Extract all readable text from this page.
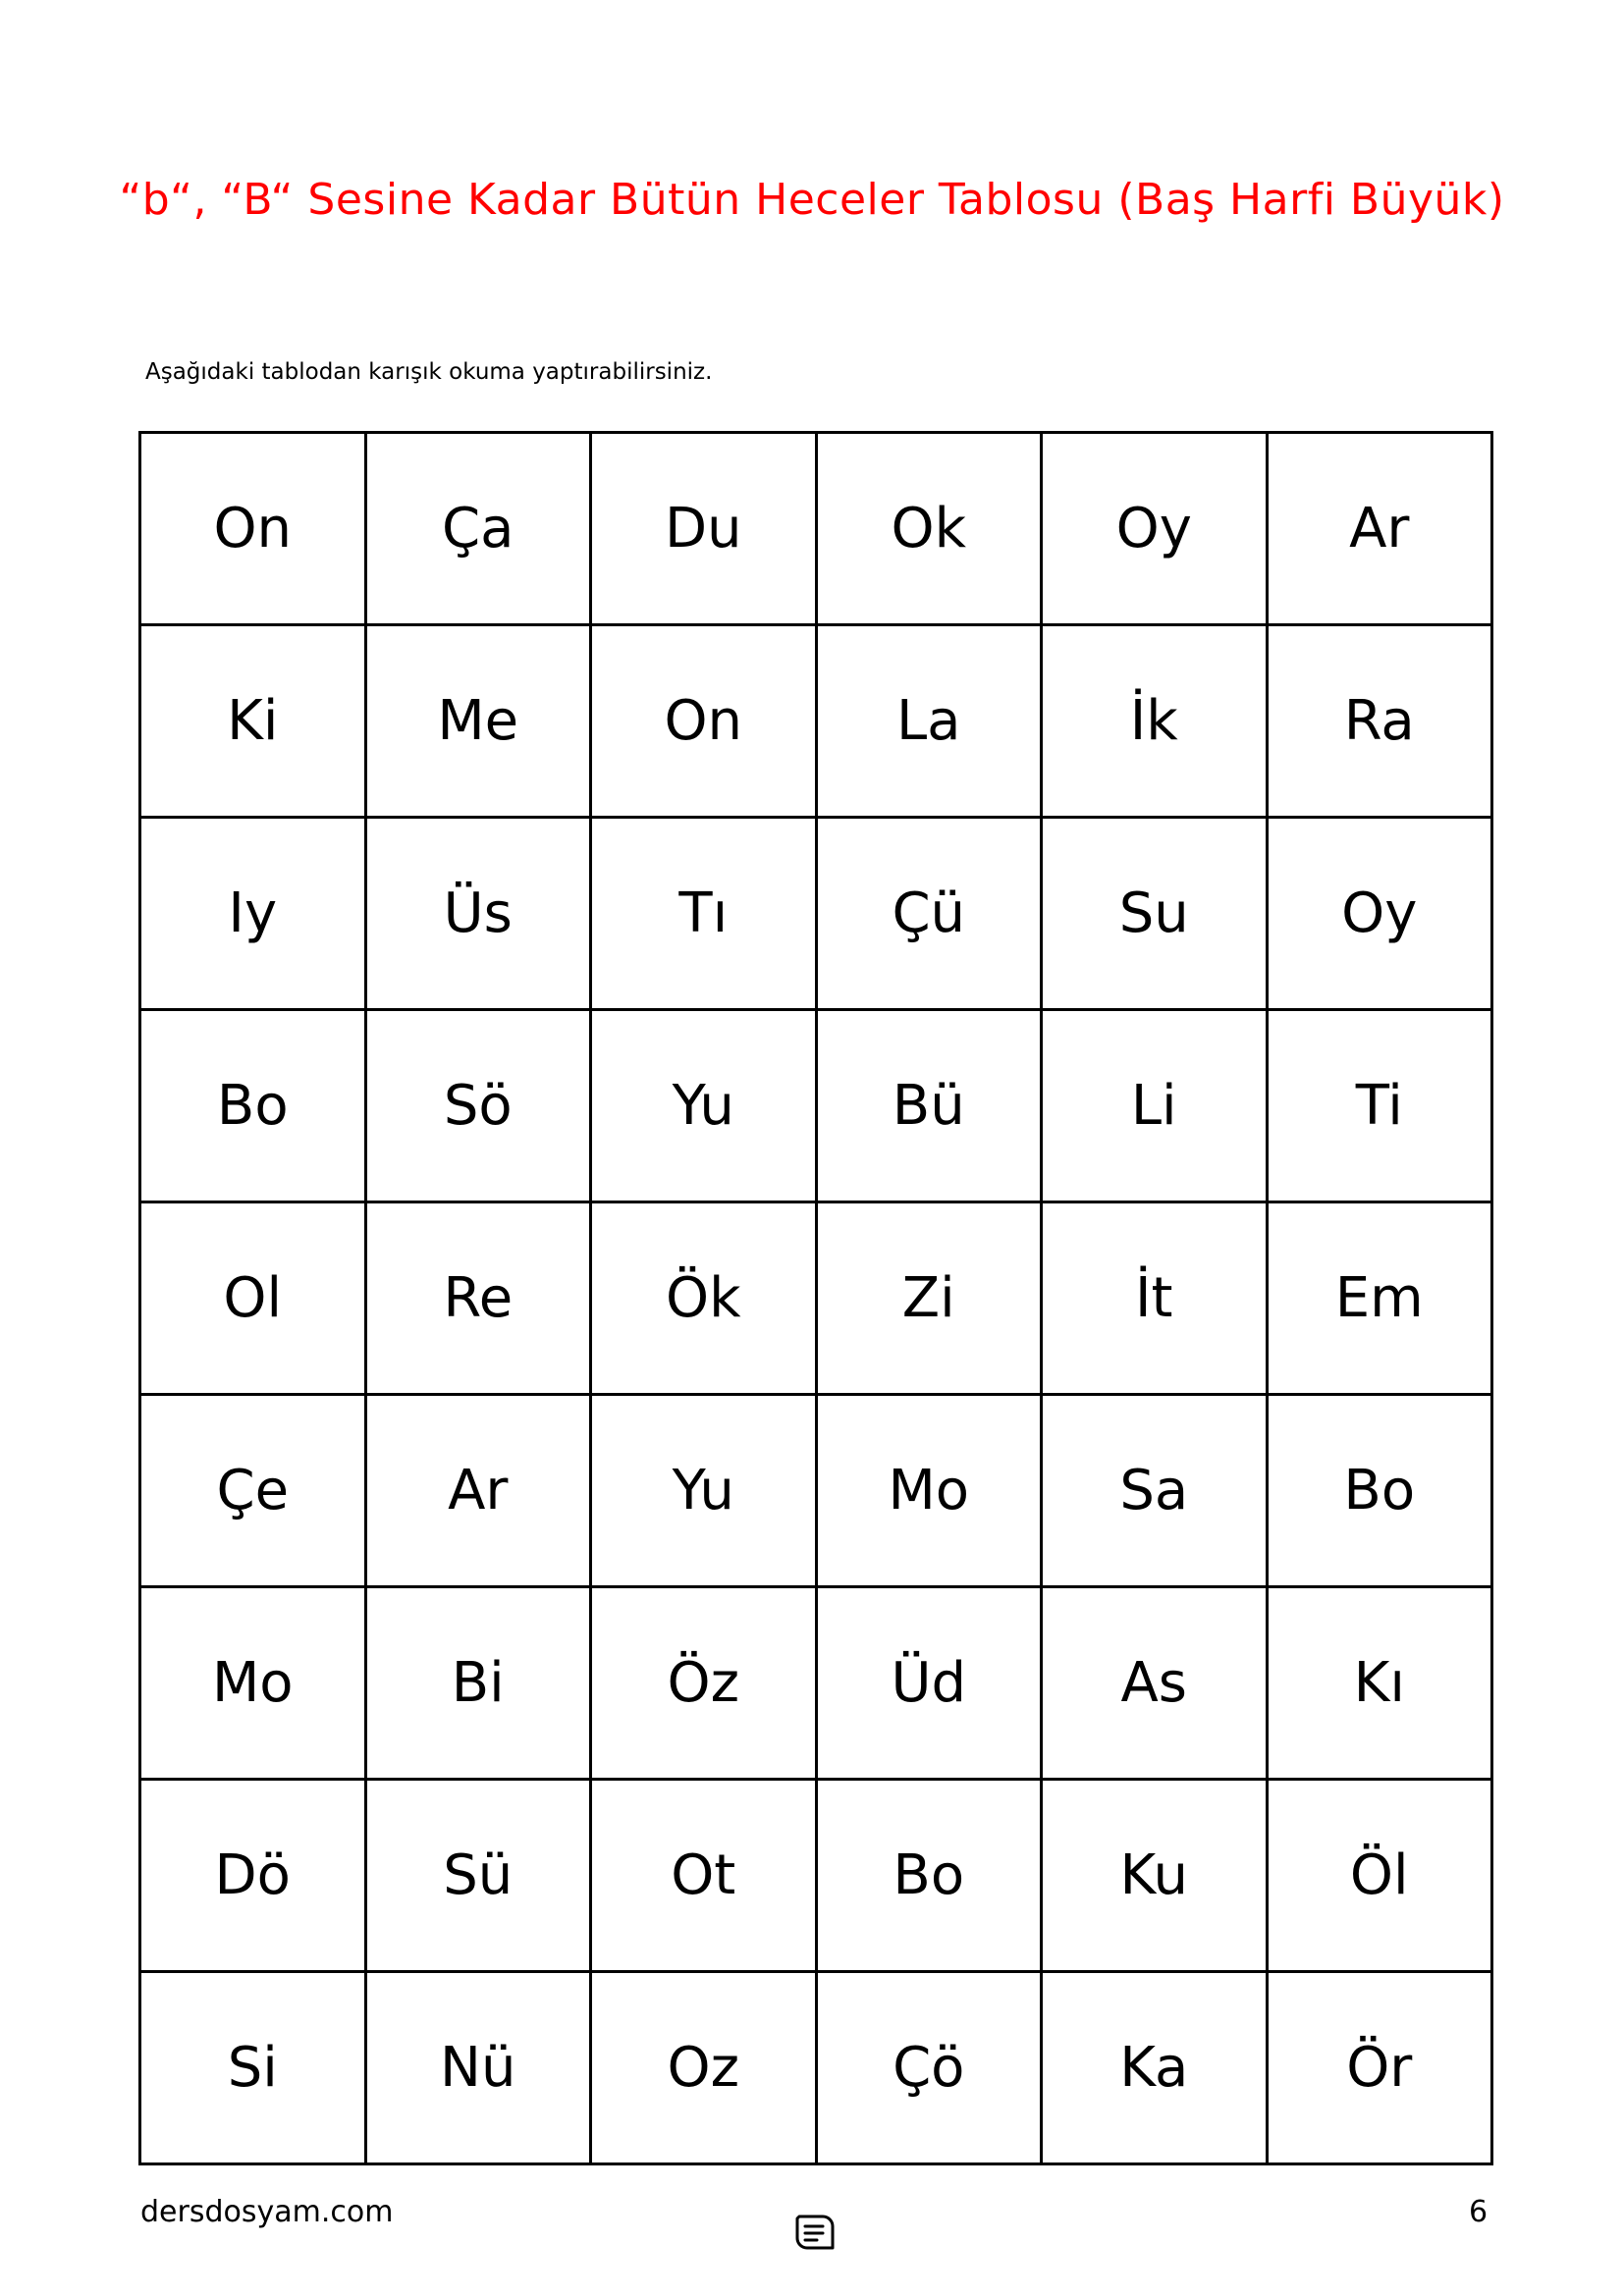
“b“, “B“ Sesine Kadar Bütün Heceler Tablosu (Baş Harfi Büyük)
Aşağıdaki tablodan karışık okuma yaptırabilirsiniz.
On	Ça	Du	Ok	Oy	Ar
Ki	Me	On	La	İk	Ra
Iy	Üs	Tı	Çü	Su	Oy
Bo	Sö	Yu	Bü	Li	Ti
Ol	Re	Ök	Zi	İt	Em
Çe	Ar	Yu	Mo	Sa	Bo
Mo	Bi	Öz	Üd	As	Kı
Dö	Sü	Ot	Bo	Ku	Öl
Si	Nü	Oz	Çö	Ka	Ör
dersdosyam.com	6
